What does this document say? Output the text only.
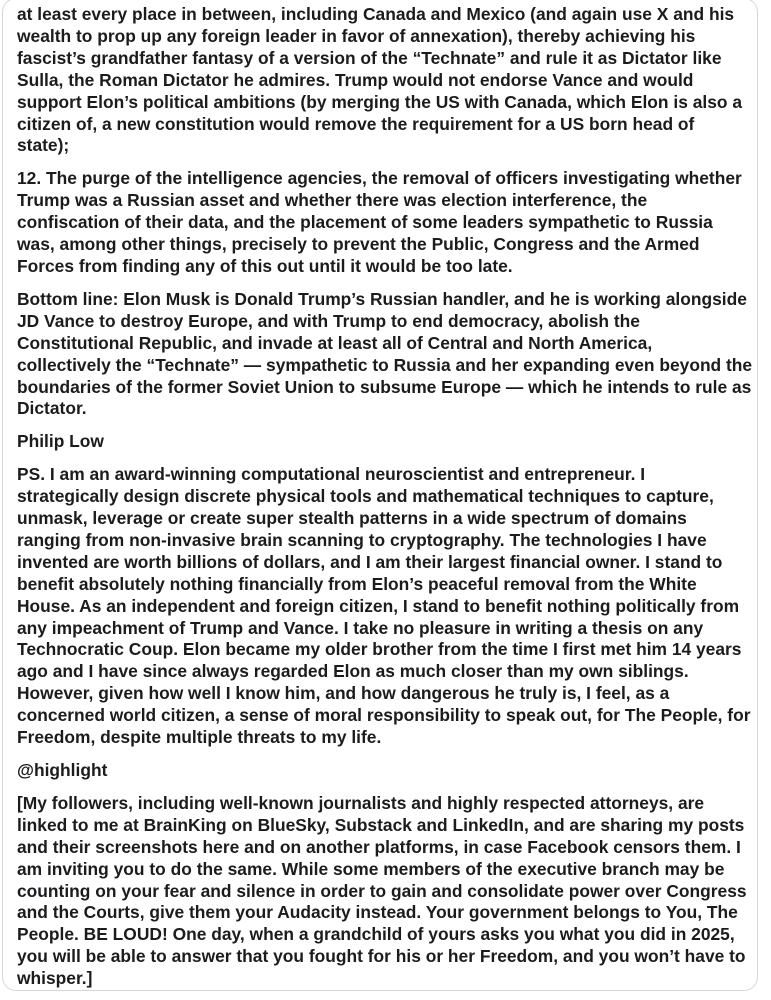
at least every place in between, including Canada and Mexico (and again use X and his
wealth to prop up any foreign leader in favor of annexation), thereby achieving his
fascist’s grandfather fantasy of a version of the “Technate” and rule it as Dictator like
Sulla, the Roman Dictator he admires. Trump would not endorse Vance and would
support Elon’s political ambitions (by merging the US with Canada, which Elon is also a
citizen of, a new constitution would remove the requirement for a US born head of
state);
12. The purge of the intelligence agencies, the removal of officers investigating whether
Trump was a Russian asset and whether there was election interference, the
confiscation of their data, and the placement of some leaders sympathetic to Russia
was, among other things, precisely to prevent the Public, Congress and the Armed
Forces from finding any of this out until it would be too late.
Bottom line: Elon Musk is Donald Trump’s Russian handler, and he is working alongside
JD Vance to destroy Europe, and with Trump to end democracy, abolish the
Constitutional Republic, and invade at least all of Central and North America,
collectively the “Technate” — sympathetic to Russia and her expanding even beyond the
boundaries of the former Soviet Union to subsume Europe — which he intends to rule as
Dictator.
Philip Low
PS. I am an award-winning computational neuroscientist and entrepreneur. I
strategically design discrete physical tools and mathematical techniques to capture,
unmask, leverage or create super stealth patterns in a wide spectrum of domains
ranging from non-invasive brain scanning to cryptography. The technologies I have
invented are worth billions of dollars, and I am their largest financial owner. I stand to
benefit absolutely nothing financially from Elon’s peaceful removal from the White
House. As an independent and foreign citizen, I stand to benefit nothing politically from
any impeachment of Trump and Vance. I take no pleasure in writing a thesis on any
Technocratic Coup. Elon became my older brother from the time I first met him 14 years
ago and I have since always regarded Elon as much closer than my own siblings.
However, given how well I know him, and how dangerous he truly is, I feel, as a
concerned world citizen, a sense of moral responsibility to speak out, for The People, for
Freedom, despite multiple threats to my life.
@highlight
[My followers, including well-known journalists and highly respected attorneys, are
linked to me at BrainKing on BlueSky, Substack and LinkedIn, and are sharing my posts
and their screenshots here and on another platforms, in case Facebook censors them. I
am inviting you to do the same. While some members of the executive branch may be
counting on your fear and silence in order to gain and consolidate power over Congress
and the Courts, give them your Audacity instead. Your government belongs to You, The
People. BE LOUD! One day, when a grandchild of yours asks you what you did in 2025,
you will be able to answer that you fought for his or her Freedom, and you won’t have to
whisper.]
